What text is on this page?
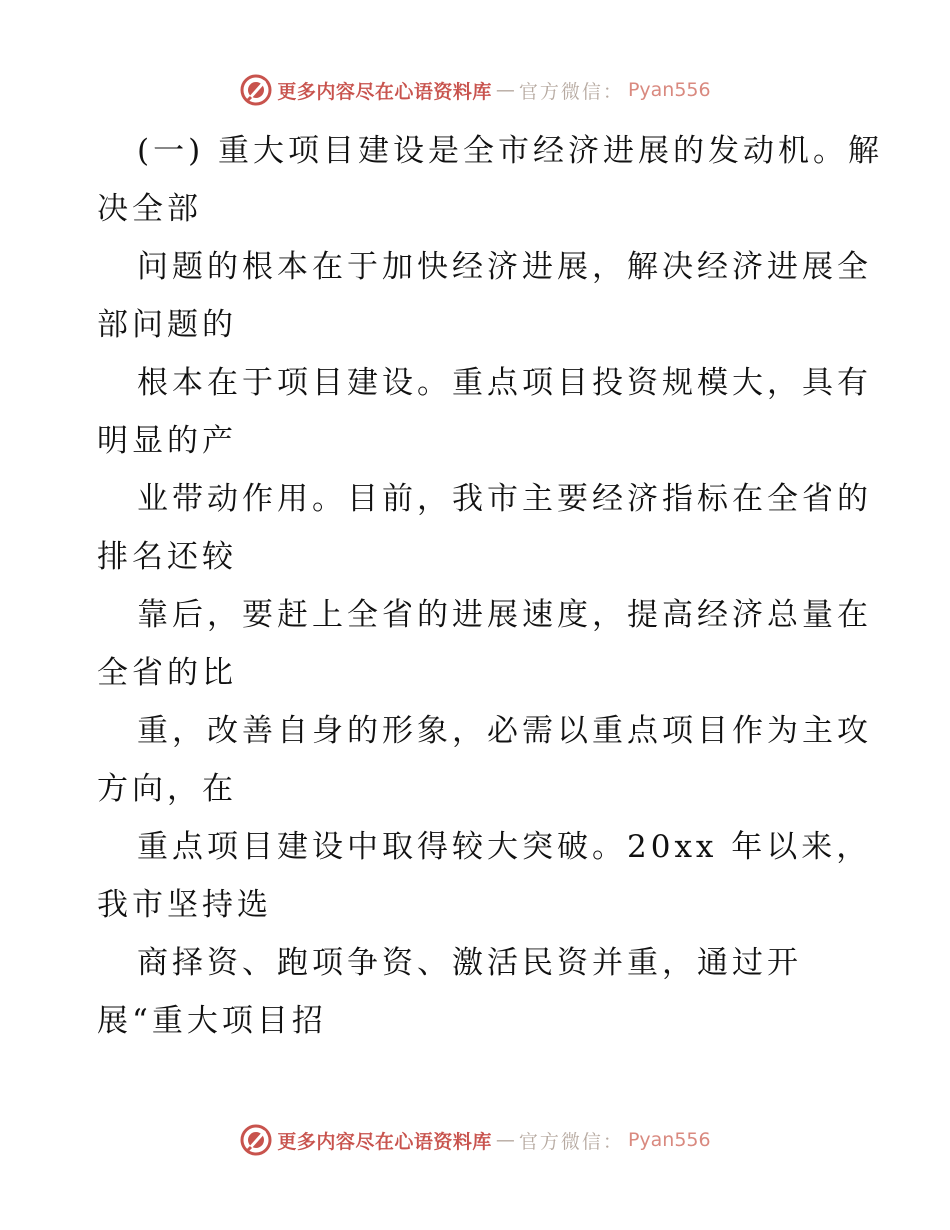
更多内容尽在心语资料库 — 官方微信： Pyan556
(一) 重大项目建设是全市经济进展的发动机。解
决全部
问题的根本在于加快经济进展，解决经济进展全
部问题的
根本在于项目建设。重点项目投资规模大，具有
明显的产
业带动作用。目前，我市主要经济指标在全省的
排名还较
靠后，要赶上全省的进展速度，提高经济总量在
全省的比
重，改善自身的形象，必需以重点项目作为主攻
方向，在
重点项目建设中取得较大突破。20xx 年以来，
我市坚持选
商择资、跑项争资、激活民资并重，通过开
展“重大项目招
更多内容尽在心语资料库 — 官方微信： Pyan556
